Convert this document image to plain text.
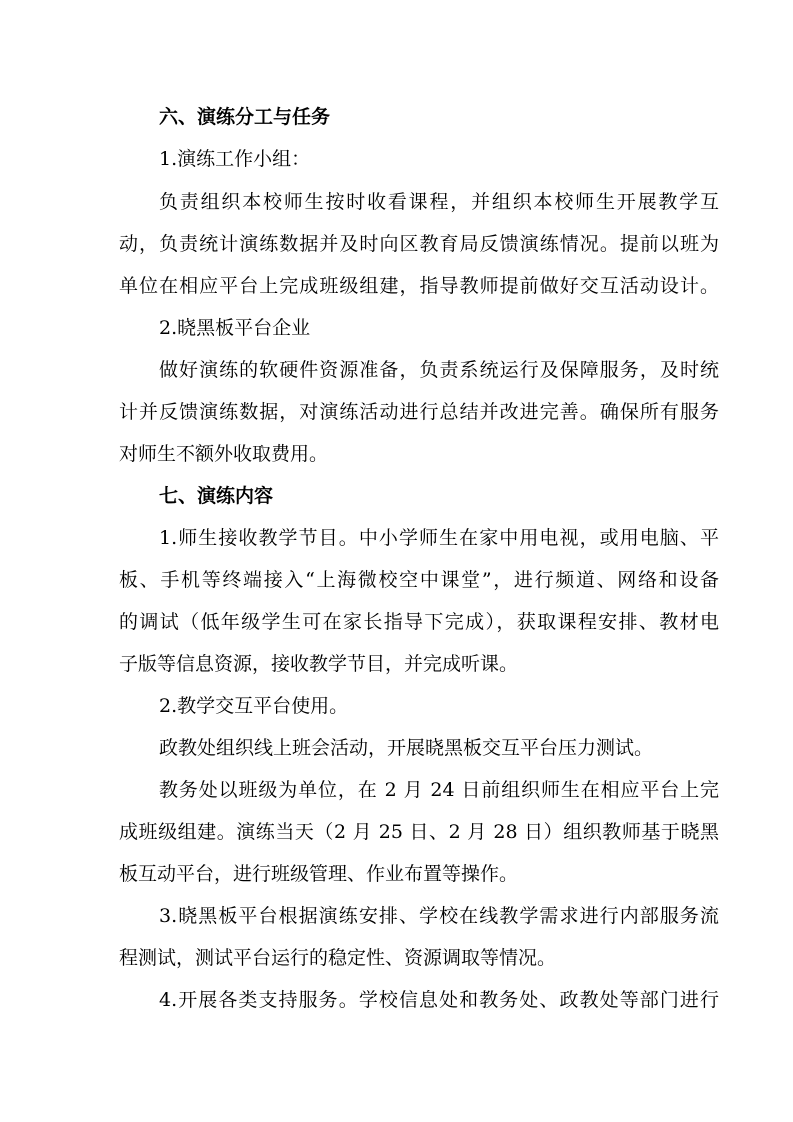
六、演练分工与任务
1.演练工作小组：
负责组织本校师生按时收看课程，并组织本校师生开展教学互
动，负责统计演练数据并及时向区教育局反馈演练情况。提前以班为
单位在相应平台上完成班级组建，指导教师提前做好交互活动设计。
2.晓黑板平台企业
做好演练的软硬件资源准备，负责系统运行及保障服务，及时统
计并反馈演练数据，对演练活动进行总结并改进完善。确保所有服务
对师生不额外收取费用。
七、演练内容
1.师生接收教学节目。中小学师生在家中用电视，或用电脑、平
板、手机等终端接入“上海微校空中课堂”，进行频道、网络和设备
的调试（低年级学生可在家长指导下完成），获取课程安排、教材电
子版等信息资源，接收教学节目，并完成听课。
2.教学交互平台使用。
政教处组织线上班会活动，开展晓黑板交互平台压力测试。
教务处以班级为单位，在 2 月 24 日前组织师生在相应平台上完
成班级组建。演练当天（2 月 25 日、2 月 28 日）组织教师基于晓黑
板互动平台，进行班级管理、作业布置等操作。
3.晓黑板平台根据演练安排、学校在线教学需求进行内部服务流
程测试，测试平台运行的稳定性、资源调取等情况。
4.开展各类支持服务。学校信息处和教务处、政教处等部门进行
